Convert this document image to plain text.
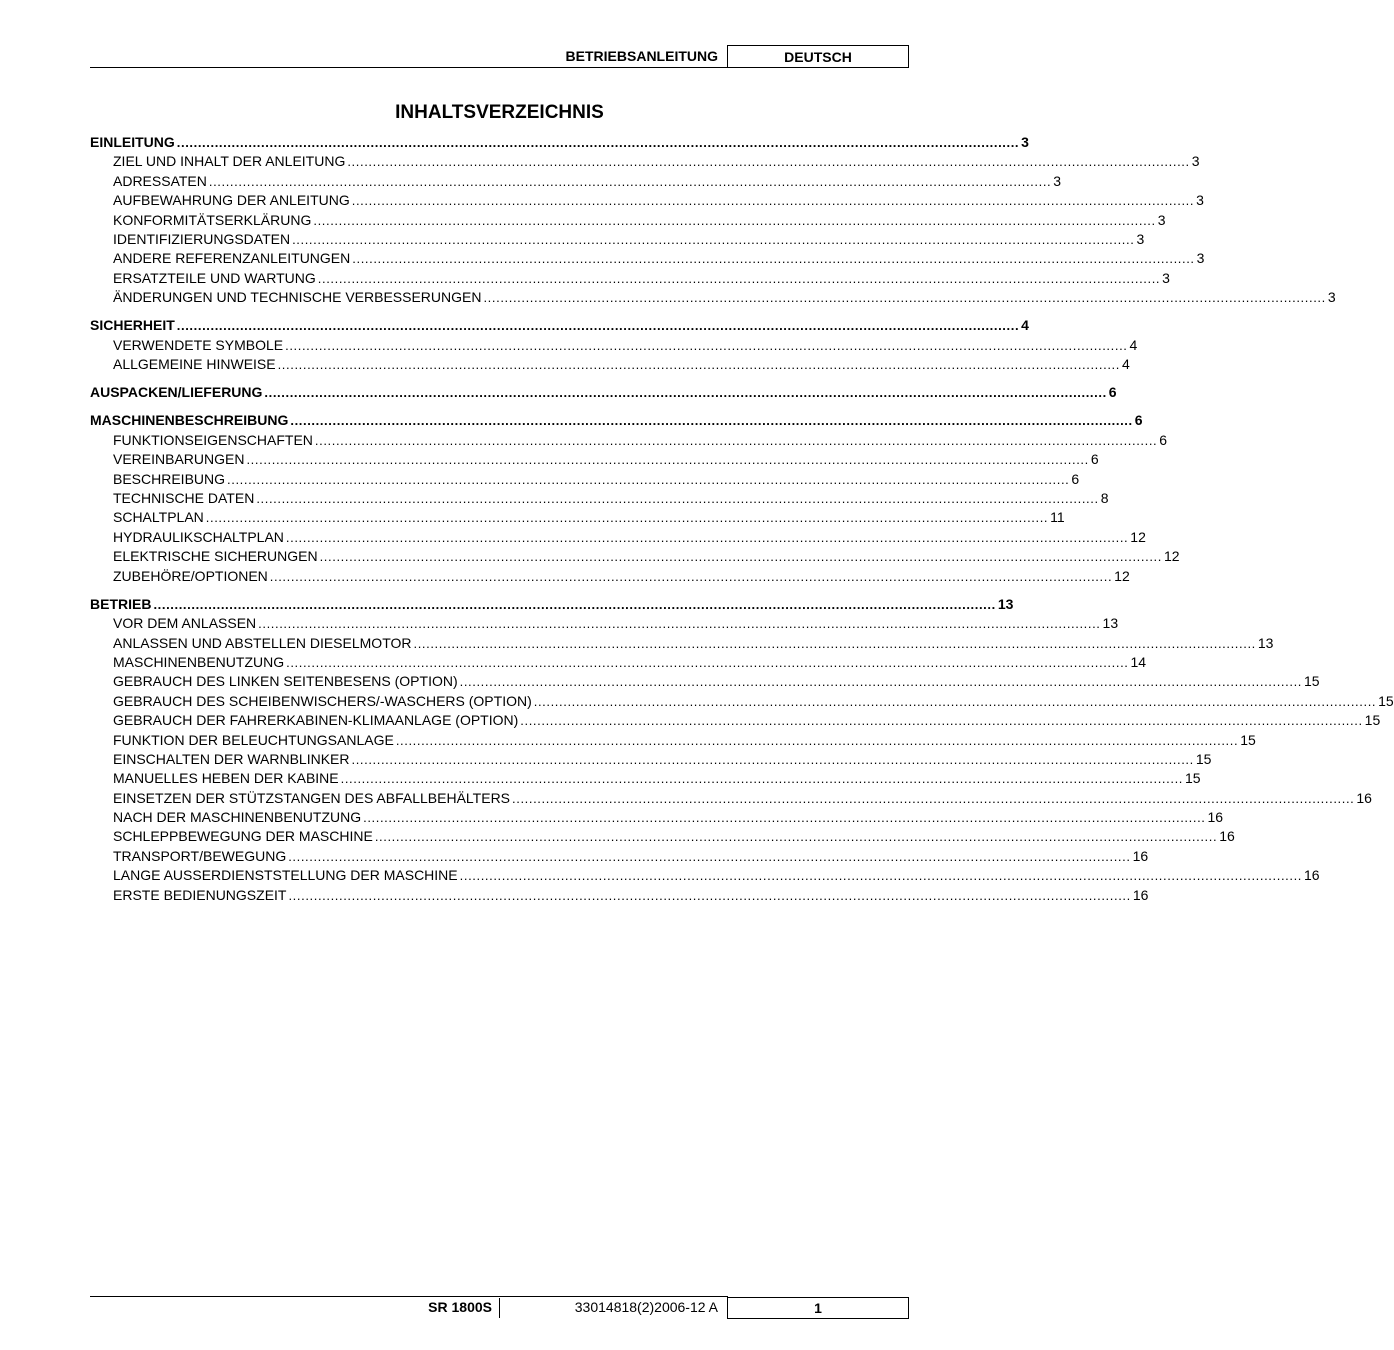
BETRIEBSANLEITUNG	DEUTSCH
INHALTSVERZEICHNIS
EINLEITUNG ........................................................................................................................................................................................................ 3
ZIEL UND INHALT DER ANLEITUNG ........................................................................................................................................................................................................ 3
ADRESSATEN ........................................................................................................................................................................................................ 3
AUFBEWAHRUNG DER ANLEITUNG ........................................................................................................................................................................................................ 3
KONFORMITÄTSERKLÄRUNG ........................................................................................................................................................................................................ 3
IDENTIFIZIERUNGSDATEN ........................................................................................................................................................................................................ 3
ANDERE REFERENZANLEITUNGEN ........................................................................................................................................................................................................ 3
ERSATZTEILE UND WARTUNG ........................................................................................................................................................................................................ 3
ÄNDERUNGEN UND TECHNISCHE VERBESSERUNGEN ........................................................................................................................................................................................................ 3
SICHERHEIT ........................................................................................................................................................................................................ 4
VERWENDETE SYMBOLE ........................................................................................................................................................................................................ 4
ALLGEMEINE HINWEISE ........................................................................................................................................................................................................ 4
AUSPACKEN/LIEFERUNG ........................................................................................................................................................................................................ 6
MASCHINENBESCHREIBUNG ........................................................................................................................................................................................................ 6
FUNKTIONSEIGENSCHAFTEN ........................................................................................................................................................................................................ 6
VEREINBARUNGEN ........................................................................................................................................................................................................ 6
BESCHREIBUNG ........................................................................................................................................................................................................ 6
TECHNISCHE DATEN ........................................................................................................................................................................................................ 8
SCHALTPLAN ........................................................................................................................................................................................................ 11
HYDRAULIKSCHALTPLAN ........................................................................................................................................................................................................ 12
ELEKTRISCHE SICHERUNGEN ........................................................................................................................................................................................................ 12
ZUBEHÖRE/OPTIONEN ........................................................................................................................................................................................................ 12
BETRIEB ........................................................................................................................................................................................................ 13
VOR DEM ANLASSEN ........................................................................................................................................................................................................ 13
ANLASSEN UND ABSTELLEN DIESELMOTOR ........................................................................................................................................................................................................ 13
MASCHINENBENUTZUNG ........................................................................................................................................................................................................ 14
GEBRAUCH DES LINKEN SEITENBESENS (OPTION) ........................................................................................................................................................................................................ 15
GEBRAUCH DES SCHEIBENWISCHERS/-WASCHERS (OPTION) ........................................................................................................................................................................................................ 15
GEBRAUCH DER FAHRERKABINEN-KLIMAANLAGE (OPTION) ........................................................................................................................................................................................................ 15
FUNKTION DER BELEUCHTUNGSANLAGE ........................................................................................................................................................................................................ 15
EINSCHALTEN DER WARNBLINKER ........................................................................................................................................................................................................ 15
MANUELLES HEBEN DER KABINE ........................................................................................................................................................................................................ 15
EINSETZEN DER STÜTZSTANGEN DES ABFALLBEHÄLTERS ........................................................................................................................................................................................................ 16
NACH DER MASCHINENBENUTZUNG ........................................................................................................................................................................................................ 16
SCHLEPPBEWEGUNG DER MASCHINE ........................................................................................................................................................................................................ 16
TRANSPORT/BEWEGUNG ........................................................................................................................................................................................................ 16
LANGE AUSSERDIENSTSTELLUNG DER MASCHINE ........................................................................................................................................................................................................ 16
ERSTE BEDIENUNGSZEIT ........................................................................................................................................................................................................ 16
SR 1800S	33014818(2)2006-12 A	1
